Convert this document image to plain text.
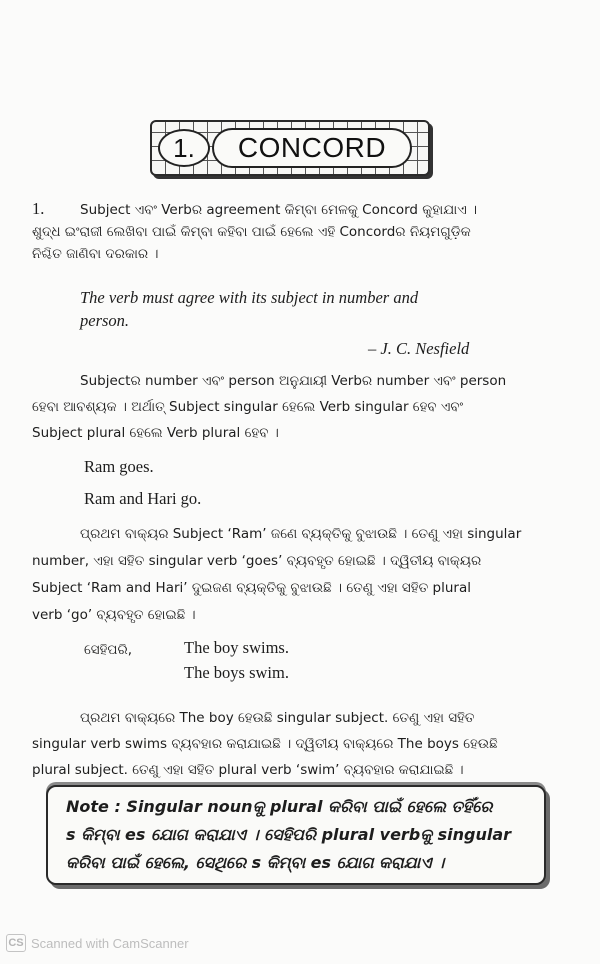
1.	CONCORD
1.	Subject ଏବଂ Verbର agreement କିମ୍ବା ମେଳକୁ Concord କୁହାଯାଏ ।
ଶୁଦ୍ଧ ଇଂରାଜୀ ଲେଖିବା ପାଇଁ କିମ୍ବା କହିବା ପାଇଁ ହେଲେ ଏହି Concordର ନିୟମଗୁଡ଼ିକ
ନିଶ୍ଚିତ ଜାଣିବା ଦରକାର ।
The verb must agree with its subject in number and
person.
– J. C. Nesfield
Subjectର number ଏବଂ person ଅନୁଯାୟୀ Verbର number ଏବଂ person
ହେବା ଆବଶ୍ୟକ । ଅର୍ଥାତ୍ Subject singular ହେଲେ Verb singular ହେବ ଏବଂ
Subject plural ହେଲେ Verb plural ହେବ ।
Ram goes.
Ram and Hari go.
ପ୍ରଥମ ବାକ୍ୟର Subject ‘Ram’ ଜଣେ ବ୍ୟକ୍ତିକୁ ବୁଝାଉଛି । ତେଣୁ ଏହା singular
number, ଏହା ସହିତ singular verb ‘goes’ ବ୍ୟବହୃତ ହୋଇଛି । ଦ୍ୱିତୀୟ ବାକ୍ୟର
Subject ‘Ram and Hari’ ଦୁଇଜଣ ବ୍ୟକ୍ତିକୁ ବୁଝାଉଛି । ତେଣୁ ଏହା ସହିତ plural
verb ‘go’ ବ୍ୟବହୃତ ହୋଇଛି ।
ସେହିପରି,	The boy swims.
The boys swim.
ପ୍ରଥମ ବାକ୍ୟରେ The boy ହେଉଛି singular subject. ତେଣୁ ଏହା ସହିତ
singular verb swims ବ୍ୟବହାର କରାଯାଇଛି । ଦ୍ୱିତୀୟ ବାକ୍ୟରେ The boys ହେଉଛି
plural subject. ତେଣୁ ଏହା ସହିତ plural verb ‘swim’ ବ୍ୟବହାର କରାଯାଇଛି ।
Note : Singular nounକୁ plural କରିବା ପାଇଁ ହେଲେ ତହିଁରେ
s କିମ୍ବା es ଯୋଗ କରାଯାଏ । ସେହିପରି plural verbକୁ singular
କରିବା ପାଇଁ ହେଲେ, ସେଥିରେ s କିମ୍ବା es ଯୋଗ କରାଯାଏ ।
CS Scanned with CamScanner
